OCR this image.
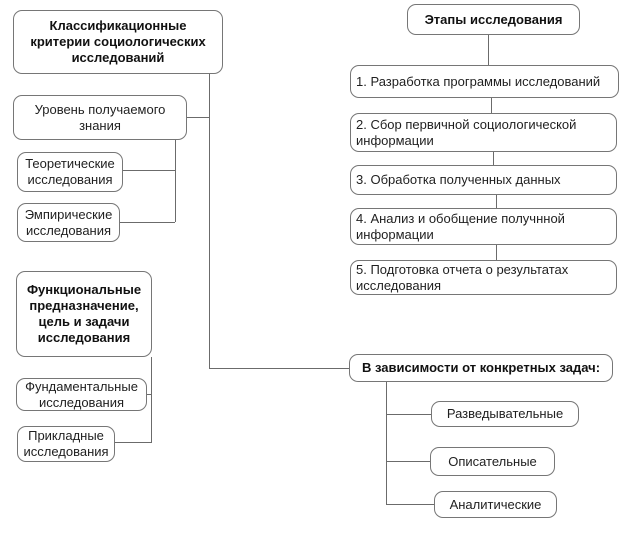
Классификационные критерии социологических исследований
Уровень получаемого знания
Теоретические исследования
Эмпирические исследования
Функциональные предназначение, цель и задачи исследования
Фундаментальные исследования
Прикладные исследования
Этапы исследования
1. Разработка программы исследований
2. Сбор первичной социологической информации
3. Обработка полученных данных
4. Анализ и обобщение получнной информации
5. Подготовка отчета о результатах исследования
В зависимости от конкретных задач:
Разведывательные
Описательные
Аналитические
